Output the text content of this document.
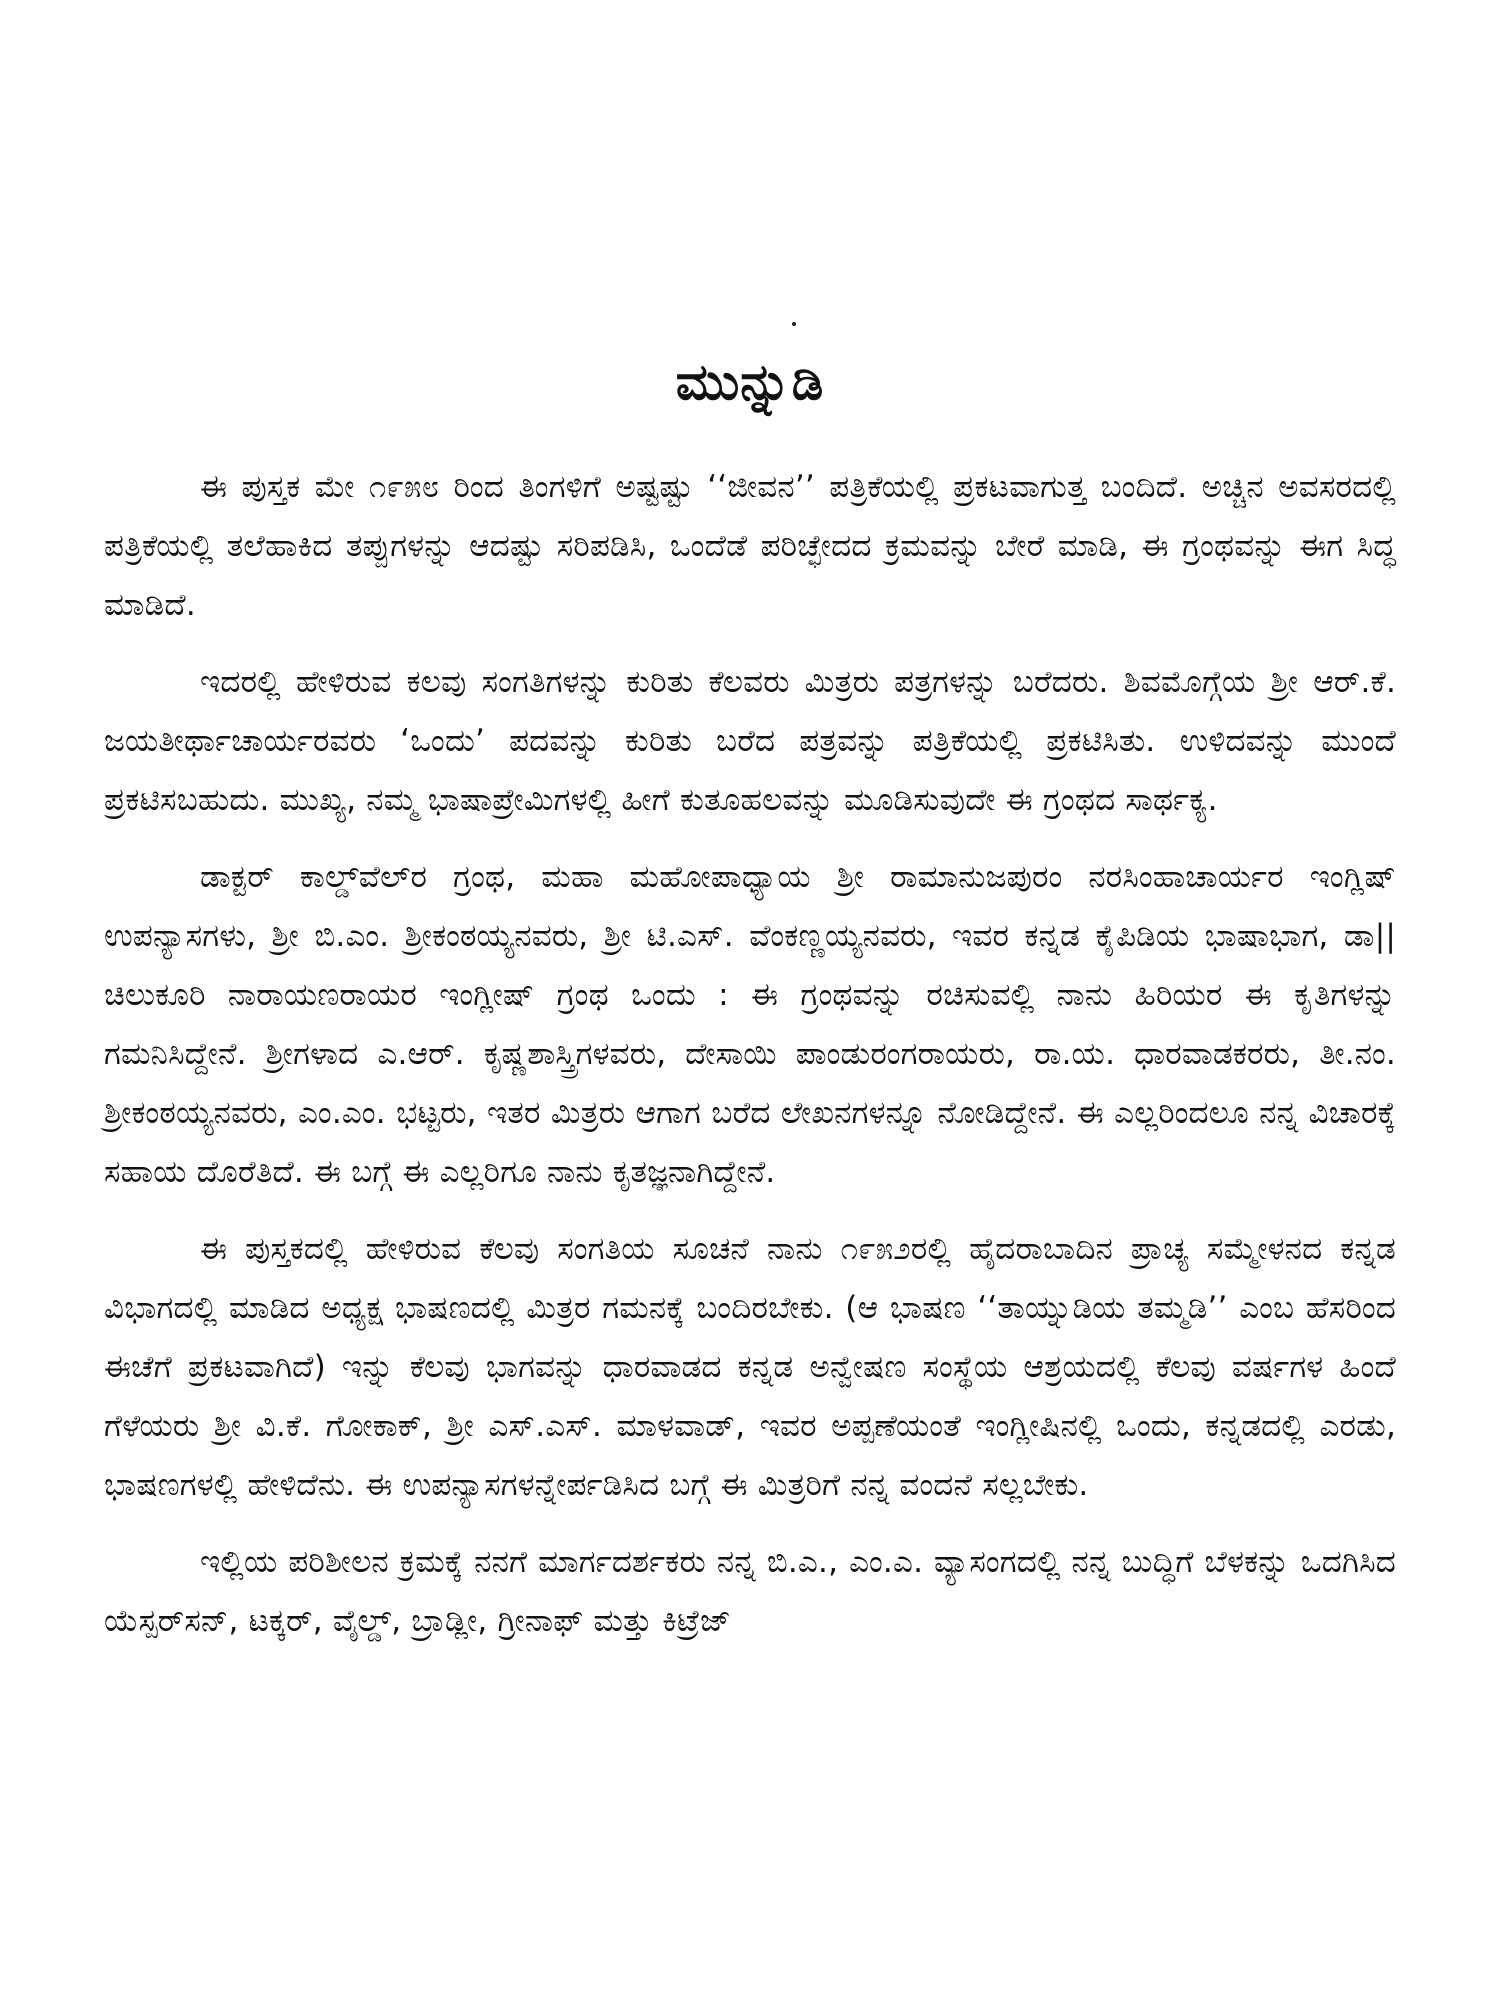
ಮುನ್ನುಡಿ

ಈ ಪುಸ್ತಕ ಮೇ ೧೯೫೮ ರಿಂದ ತಿಂಗಳಿಗೆ ಅಷ್ಟಷ್ಟು ‘‘ಜೀವನ’’ ಪತ್ರಿಕೆಯಲ್ಲಿ ಪ್ರಕಟವಾಗುತ್ತ ಬಂದಿದೆ. ಅಚ್ಚಿನ ಅವಸರದಲ್ಲಿ ಪತ್ರಿಕೆಯಲ್ಲಿ ತಲೆಹಾಕಿದ ತಪ್ಪುಗಳನ್ನು ಆದಷ್ಟು ಸರಿಪಡಿಸಿ, ಒಂದೆಡೆ ಪರಿಚ್ಛೇದದ ಕ್ರಮವನ್ನು ಬೇರೆ ಮಾಡಿ, ಈ ಗ್ರಂಥವನ್ನು ಈಗ ಸಿದ್ಧ ಮಾಡಿದೆ.

ಇದರಲ್ಲಿ ಹೇಳಿರುವ ಕಲವು ಸಂಗತಿಗಳನ್ನು ಕುರಿತು ಕೆಲವರು ಮಿತ್ರರು ಪತ್ರಗಳನ್ನು ಬರೆದರು. ಶಿವಮೊಗ್ಗೆಯ ಶ್ರೀ ಆರ್.ಕೆ. ಜಯತೀರ್ಥಾಚಾರ್ಯರವರು ‘ಒಂದು’ ಪದವನ್ನು ಕುರಿತು ಬರೆದ ಪತ್ರವನ್ನು ಪತ್ರಿಕೆಯಲ್ಲಿ ಪ್ರಕಟಿಸಿತು. ಉಳಿದವನ್ನು ಮುಂದೆ ಪ್ರಕಟಿಸಬಹುದು. ಮುಖ್ಯ, ನಮ್ಮ ಭಾಷಾಪ್ರೇಮಿಗಳಲ್ಲಿ ಹೀಗೆ ಕುತೂಹಲವನ್ನು ಮೂಡಿಸುವುದೇ ಈ ಗ್ರಂಥದ ಸಾರ್ಥಕ್ಯ.

ಡಾಕ್ಟರ್ ಕಾಲ್ಡ್‌ವೆಲ್‌ರ ಗ್ರಂಥ, ಮಹಾ ಮಹೋಪಾಧ್ಯಾಯ ಶ್ರೀ ರಾಮಾನುಜಪುರಂ ನರಸಿಂಹಾಚಾರ್ಯರ ಇಂಗ್ಲಿಷ್ ಉಪನ್ಯಾಸಗಳು, ಶ್ರೀ ಬಿ.ಎಂ. ಶ್ರೀಕಂಠಯ್ಯನವರು, ಶ್ರೀ ಟಿ.ಎಸ್. ವೆಂಕಣ್ಣಯ್ಯನವರು, ಇವರ ಕನ್ನಡ ಕೈಪಿಡಿಯ ಭಾಷಾಭಾಗ, ಡಾ|| ಚಿಲುಕೂರಿ ನಾರಾಯಣರಾಯರ ಇಂಗ್ಲೀಷ್ ಗ್ರಂಥ ಒಂದು : ಈ ಗ್ರಂಥವನ್ನು ರಚಿಸುವಲ್ಲಿ ನಾನು ಹಿರಿಯರ ಈ ಕೃತಿಗಳನ್ನು ಗಮನಿಸಿದ್ದೇನೆ. ಶ್ರೀಗಳಾದ ಎ.ಆರ್. ಕೃಷ್ಣಶಾಸ್ತ್ರಿಗಳವರು, ದೇಸಾಯಿ ಪಾಂಡುರಂಗರಾಯರು, ರಾ.ಯ. ಧಾರವಾಡಕರರು, ತೀ.ನಂ. ಶ್ರೀಕಂಠಯ್ಯನವರು, ಎಂ.ಎಂ. ಭಟ್ಟರು, ಇತರ ಮಿತ್ರರು ಆಗಾಗ ಬರೆದ ಲೇಖನಗಳನ್ನೂ ನೋಡಿದ್ದೇನೆ. ಈ ಎಲ್ಲರಿಂದಲೂ ನನ್ನ ವಿಚಾರಕ್ಕೆ ಸಹಾಯ ದೊರೆತಿದೆ. ಈ ಬಗ್ಗೆ ಈ ಎಲ್ಲರಿಗೂ ನಾನು ಕೃತಜ್ಞನಾಗಿದ್ದೇನೆ.

ಈ ಪುಸ್ತಕದಲ್ಲಿ ಹೇಳಿರುವ ಕೆಲವು ಸಂಗತಿಯ ಸೂಚನೆ ನಾನು ೧೯೫೨ರಲ್ಲಿ ಹೈದರಾಬಾದಿನ ಪ್ರಾಚ್ಯ ಸಮ್ಮೇಳನದ ಕನ್ನಡ ವಿಭಾಗದಲ್ಲಿ ಮಾಡಿದ ಅಧ್ಯಕ್ಷ ಭಾಷಣದಲ್ಲಿ ಮಿತ್ರರ ಗಮನಕ್ಕೆ ಬಂದಿರಬೇಕು. (ಆ ಭಾಷಣ ‘‘ತಾಯ್ನುಡಿಯ ತಮ್ಮಡಿ’’ ಎಂಬ ಹೆಸರಿಂದ ಈಚೆಗೆ ಪ್ರಕಟವಾಗಿದೆ) ಇನ್ನು ಕೆಲವು ಭಾಗವನ್ನು ಧಾರವಾಡದ ಕನ್ನಡ ಅನ್ವೇಷಣ ಸಂಸ್ಥೆಯ ಆಶ್ರಯದಲ್ಲಿ ಕೆಲವು ವರ್ಷಗಳ ಹಿಂದೆ ಗೆಳೆಯರು ಶ್ರೀ ವಿ.ಕೆ. ಗೋಕಾಕ್, ಶ್ರೀ ಎಸ್.ಎಸ್. ಮಾಳವಾಡ್, ಇವರ ಅಪ್ಪಣೆಯಂತೆ ಇಂಗ್ಲೀಷಿನಲ್ಲಿ ಒಂದು, ಕನ್ನಡದಲ್ಲಿ ಎರಡು, ಭಾಷಣಗಳಲ್ಲಿ ಹೇಳಿದೆನು. ಈ ಉಪನ್ಯಾಸಗಳನ್ನೇರ್ಪಡಿಸಿದ ಬಗ್ಗೆ ಈ ಮಿತ್ರರಿಗೆ ನನ್ನ ವಂದನೆ ಸಲ್ಲಬೇಕು.

ಇಲ್ಲಿಯ ಪರಿಶೀಲನ ಕ್ರಮಕ್ಕೆ ನನಗೆ ಮಾರ್ಗದರ್ಶಕರು ನನ್ನ ಬಿ.ಎ., ಎಂ.ಎ. ವ್ಯಾಸಂಗದಲ್ಲಿ ನನ್ನ ಬುದ್ಧಿಗೆ ಬೆಳಕನ್ನು ಒದಗಿಸಿದ ಯೆಸ್ಪರ್‌ಸನ್, ಟಕ್ಕರ್, ವೈಲ್ಡ್, ಬ್ರಾಡ್ಲೀ, ಗ್ರೀನಾಫ್ ಮತ್ತು ಕಿಟ್ರೆಜ್
